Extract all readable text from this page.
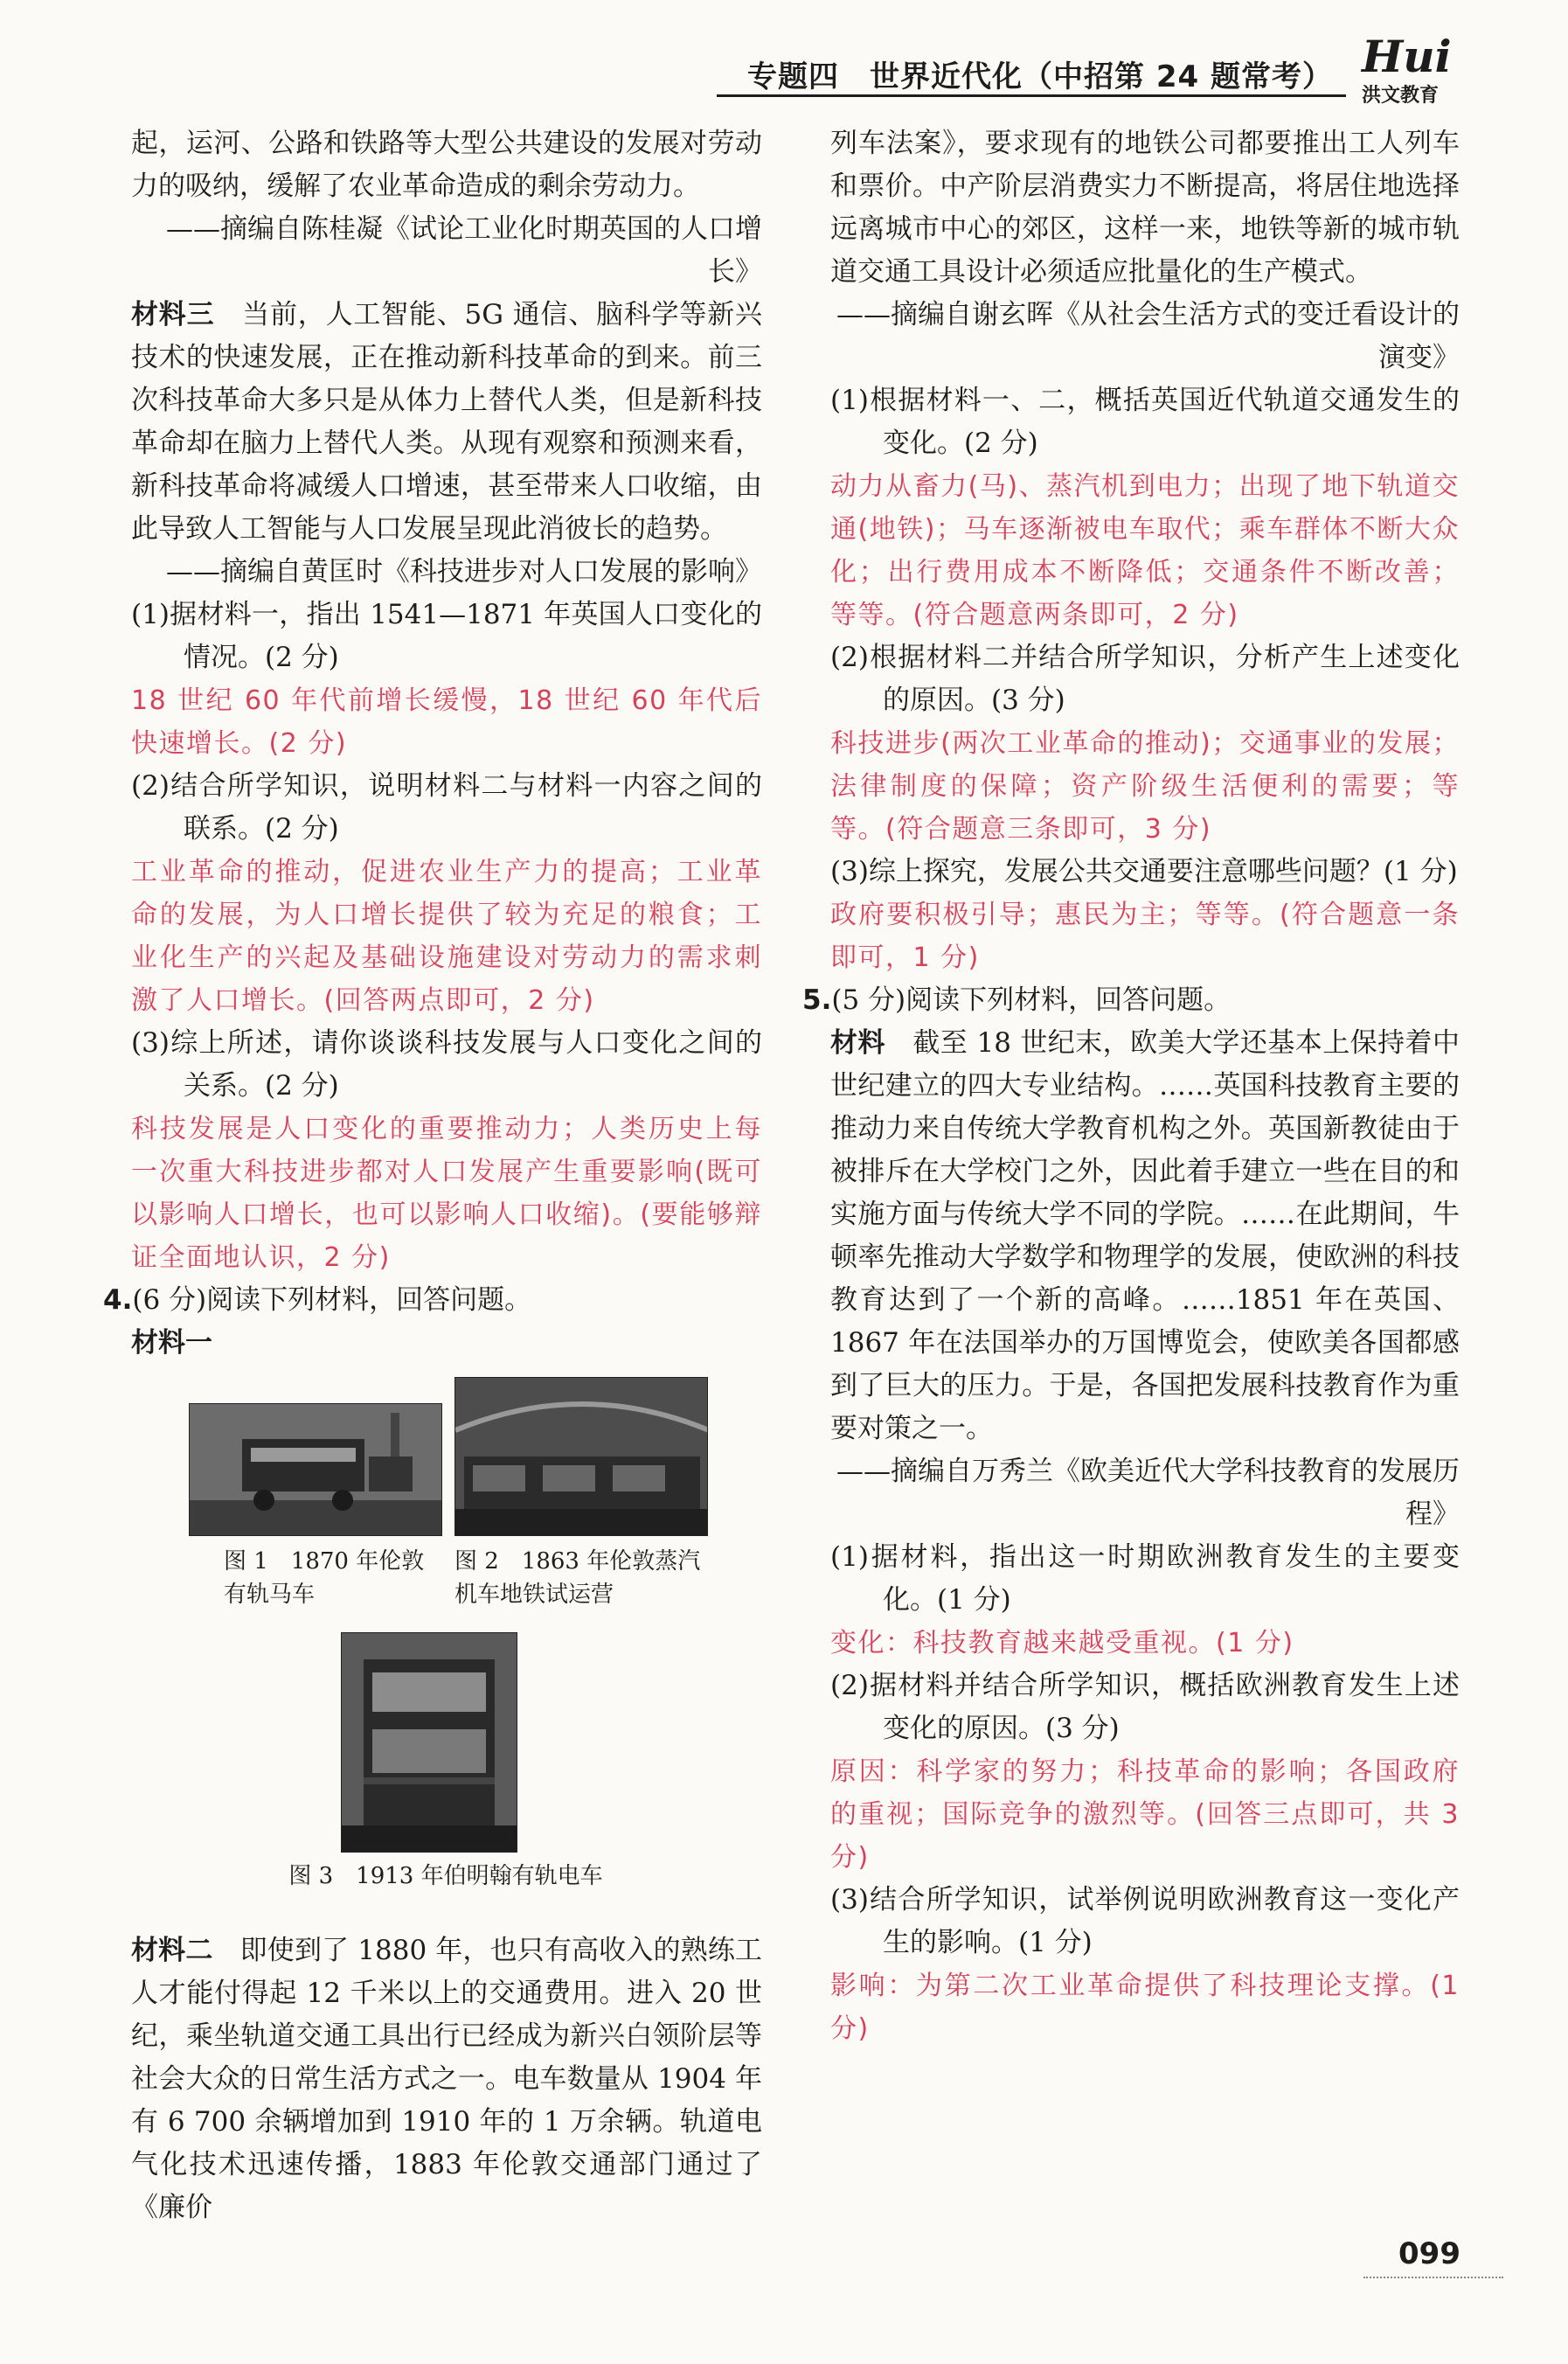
专题四　世界近代化（中招第 24 题常考） Hui
洪文教育

起，运河、公路和铁路等大型公共建设的发展对劳动力的吸纳，缓解了农业革命造成的剩余劳动力。

——摘编自陈桂凝《试论工业化时期英国的人口增长》

材料三　当前，人工智能、5G 通信、脑科学等新兴技术的快速发展，正在推动新科技革命的到来。前三次科技革命大多只是从体力上替代人类，但是新科技革命却在脑力上替代人类。从现有观察和预测来看，新科技革命将减缓人口增速，甚至带来人口收缩，由此导致人工智能与人口发展呈现此消彼长的趋势。

——摘编自黄匡时《科技进步对人口发展的影响》

(1)据材料一，指出 1541—1871 年英国人口变化的情况。(2 分)

18 世纪 60 年代前增长缓慢，18 世纪 60 年代后快速增长。(2 分)

(2)结合所学知识，说明材料二与材料一内容之间的联系。(2 分)

工业革命的推动，促进农业生产力的提高；工业革命的发展，为人口增长提供了较为充足的粮食；工业化生产的兴起及基础设施建设对劳动力的需求刺激了人口增长。(回答两点即可，2 分)

(3)综上所述，请你谈谈科技发展与人口变化之间的关系。(2 分)

科技发展是人口变化的重要推动力；人类历史上每一次重大科技进步都对人口发展产生重要影响(既可以影响人口增长，也可以影响人口收缩)。(要能够辩证全面地认识，2 分)

4.(6 分)阅读下列材料，回答问题。

材料一

图 1　1870 年伦敦有轨马车
图 2　1863 年伦敦蒸汽机车地铁试运营
图 3　1913 年伯明翰有轨电车

材料二　即使到了 1880 年，也只有高收入的熟练工人才能付得起 12 千米以上的交通费用。进入 20 世纪，乘坐轨道交通工具出行已经成为新兴白领阶层等社会大众的日常生活方式之一。电车数量从 1904 年有 6 700 余辆增加到 1910 年的 1 万余辆。轨道电气化技术迅速传播，1883 年伦敦交通部门通过了《廉价

列车法案》，要求现有的地铁公司都要推出工人列车和票价。中产阶层消费实力不断提高，将居住地选择远离城市中心的郊区，这样一来，地铁等新的城市轨道交通工具设计必须适应批量化的生产模式。

——摘编自谢玄晖《从社会生活方式的变迁看设计的演变》

(1)根据材料一、二，概括英国近代轨道交通发生的变化。(2 分)

动力从畜力(马)、蒸汽机到电力；出现了地下轨道交通(地铁)；马车逐渐被电车取代；乘车群体不断大众化；出行费用成本不断降低；交通条件不断改善；等等。(符合题意两条即可，2 分)

(2)根据材料二并结合所学知识，分析产生上述变化的原因。(3 分)

科技进步(两次工业革命的推动)；交通事业的发展；法律制度的保障；资产阶级生活便利的需要；等等。(符合题意三条即可，3 分)

(3)综上探究，发展公共交通要注意哪些问题？(1 分)

政府要积极引导；惠民为主；等等。(符合题意一条即可，1 分)

5.(5 分)阅读下列材料，回答问题。

材料　截至 18 世纪末，欧美大学还基本上保持着中世纪建立的四大专业结构。……英国科技教育主要的推动力来自传统大学教育机构之外。英国新教徒由于被排斥在大学校门之外，因此着手建立一些在目的和实施方面与传统大学不同的学院。……在此期间，牛顿率先推动大学数学和物理学的发展，使欧洲的科技教育达到了一个新的高峰。……1851 年在英国、1867 年在法国举办的万国博览会，使欧美各国都感到了巨大的压力。于是，各国把发展科技教育作为重要对策之一。

——摘编自万秀兰《欧美近代大学科技教育的发展历程》

(1)据材料，指出这一时期欧洲教育发生的主要变化。(1 分)

变化：科技教育越来越受重视。(1 分)

(2)据材料并结合所学知识，概括欧洲教育发生上述变化的原因。(3 分)

原因：科学家的努力；科技革命的影响；各国政府的重视；国际竞争的激烈等。(回答三点即可，共 3 分)

(3)结合所学知识，试举例说明欧洲教育这一变化产生的影响。(1 分)

影响：为第二次工业革命提供了科技理论支撑。(1 分)

099
